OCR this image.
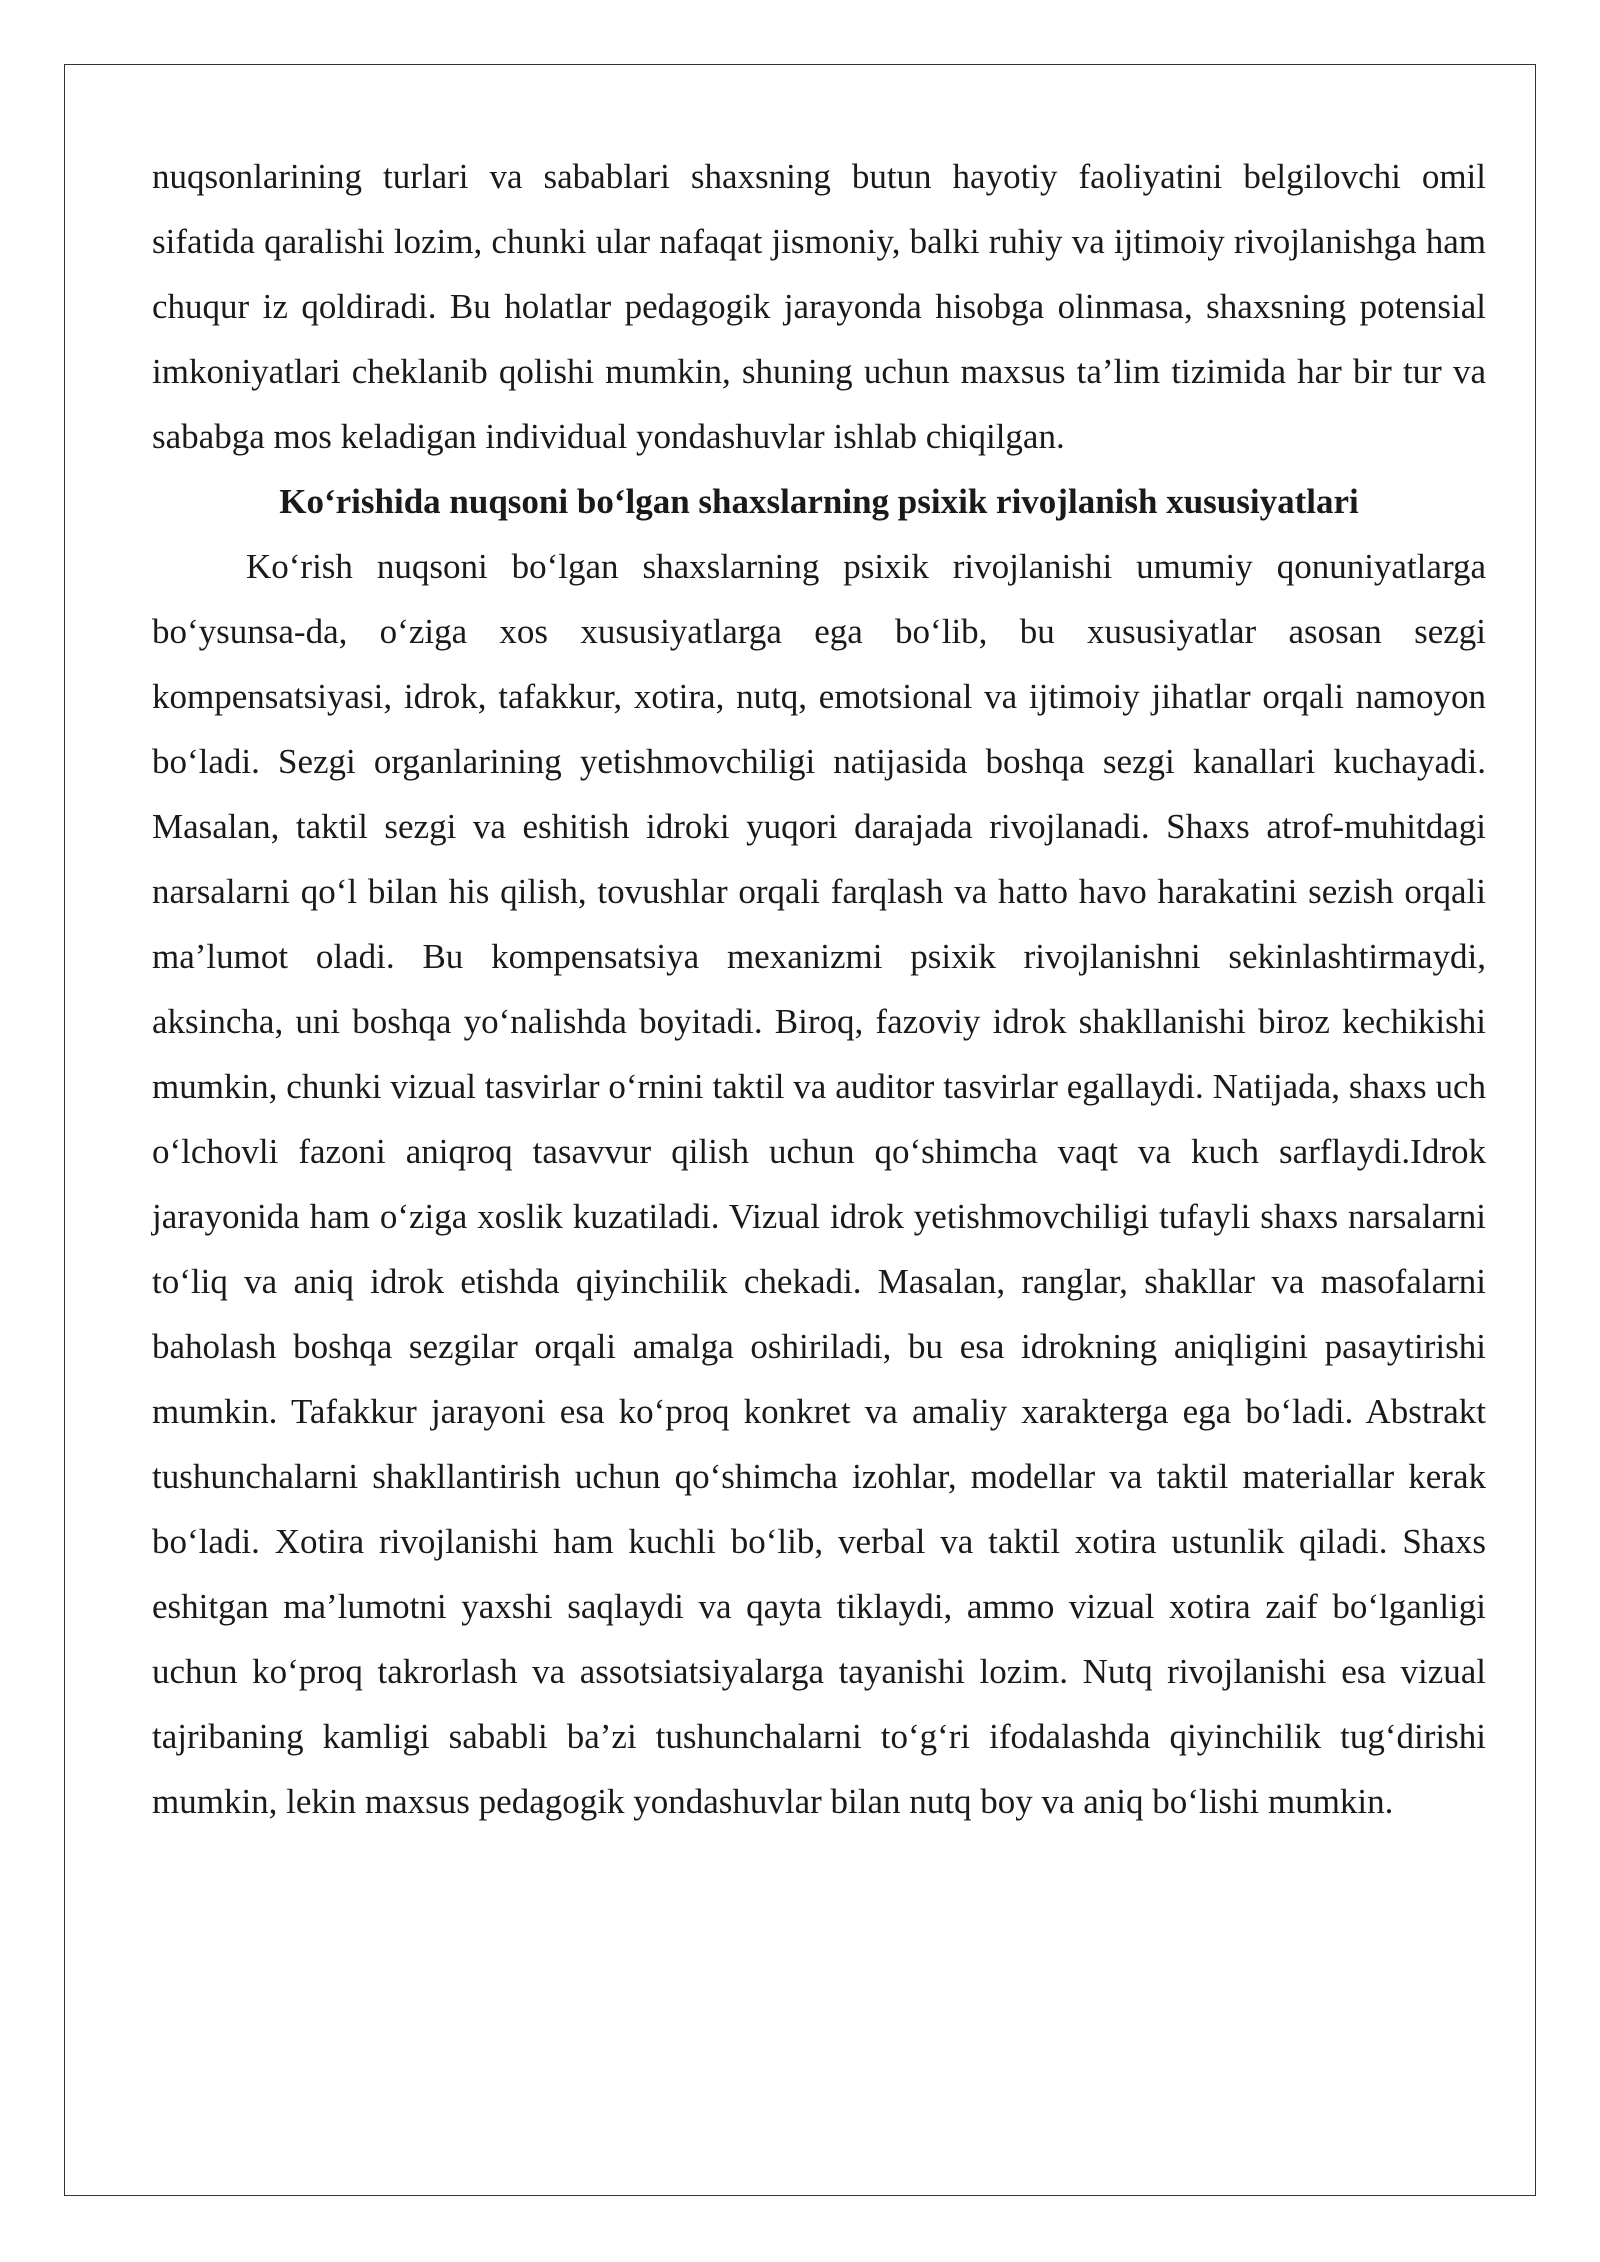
nuqsonlarining turlari va sabablari shaxsning butun hayotiy faoliyatini belgilovchi omil sifatida qaralishi lozim, chunki ular nafaqat jismoniy, balki ruhiy va ijtimoiy rivojlanishga ham chuqur iz qoldiradi. Bu holatlar pedagogik jarayonda hisobga olinmasa, shaxsning potensial imkoniyatlari cheklanib qolishi mumkin, shuning uchun maxsus ta’lim tizimida har bir tur va sababga mos keladigan individual yondashuvlar ishlab chiqilgan.

Ko‘rishida nuqsoni bo‘lgan shaxslarning psixik rivojlanish xususiyatlari

Ko‘rish nuqsoni bo‘lgan shaxslarning psixik rivojlanishi umumiy qonuniyatlarga bo‘ysunsa-da, o‘ziga xos xususiyatlarga ega bo‘lib, bu xususiyatlar asosan sezgi kompensatsiyasi, idrok, tafakkur, xotira, nutq, emotsional va ijtimoiy jihatlar orqali namoyon bo‘ladi. Sezgi organlarining yetishmovchiligi natijasida boshqa sezgi kanallari kuchayadi. Masalan, taktil sezgi va eshitish idroki yuqori darajada rivojlanadi. Shaxs atrof-muhitdagi narsalarni qo‘l bilan his qilish, tovushlar orqali farqlash va hatto havo harakatini sezish orqali ma’lumot oladi. Bu kompensatsiya mexanizmi psixik rivojlanishni sekinlashtirmaydi, aksincha, uni boshqa yo‘nalishda boyitadi. Biroq, fazoviy idrok shakllanishi biroz kechikishi mumkin, chunki vizual tasvirlar o‘rnini taktil va auditor tasvirlar egallaydi. Natijada, shaxs uch o‘lchovli fazoni aniqroq tasavvur qilish uchun qo‘shimcha vaqt va kuch sarflaydi.Idrok jarayonida ham o‘ziga xoslik kuzatiladi. Vizual idrok yetishmovchiligi tufayli shaxs narsalarni to‘liq va aniq idrok etishda qiyinchilik chekadi. Masalan, ranglar, shakllar va masofalarni baholash boshqa sezgilar orqali amalga oshiriladi, bu esa idrokning aniqligini pasaytirishi mumkin. Tafakkur jarayoni esa ko‘proq konkret va amaliy xarakterga ega bo‘ladi. Abstrakt tushunchalarni shakllantirish uchun qo‘shimcha izohlar, modellar va taktil materiallar kerak bo‘ladi. Xotira rivojlanishi ham kuchli bo‘lib, verbal va taktil xotira ustunlik qiladi. Shaxs eshitgan ma’lumotni yaxshi saqlaydi va qayta tiklaydi, ammo vizual xotira zaif bo‘lganligi uchun ko‘proq takrorlash va assotsiatsiyalarga tayanishi lozim. Nutq rivojlanishi esa vizual tajribaning kamligi sababli ba’zi tushunchalarni to‘g‘ri ifodalashda qiyinchilik tug‘dirishi mumkin, lekin maxsus pedagogik yondashuvlar bilan nutq boy va aniq bo‘lishi mumkin.
